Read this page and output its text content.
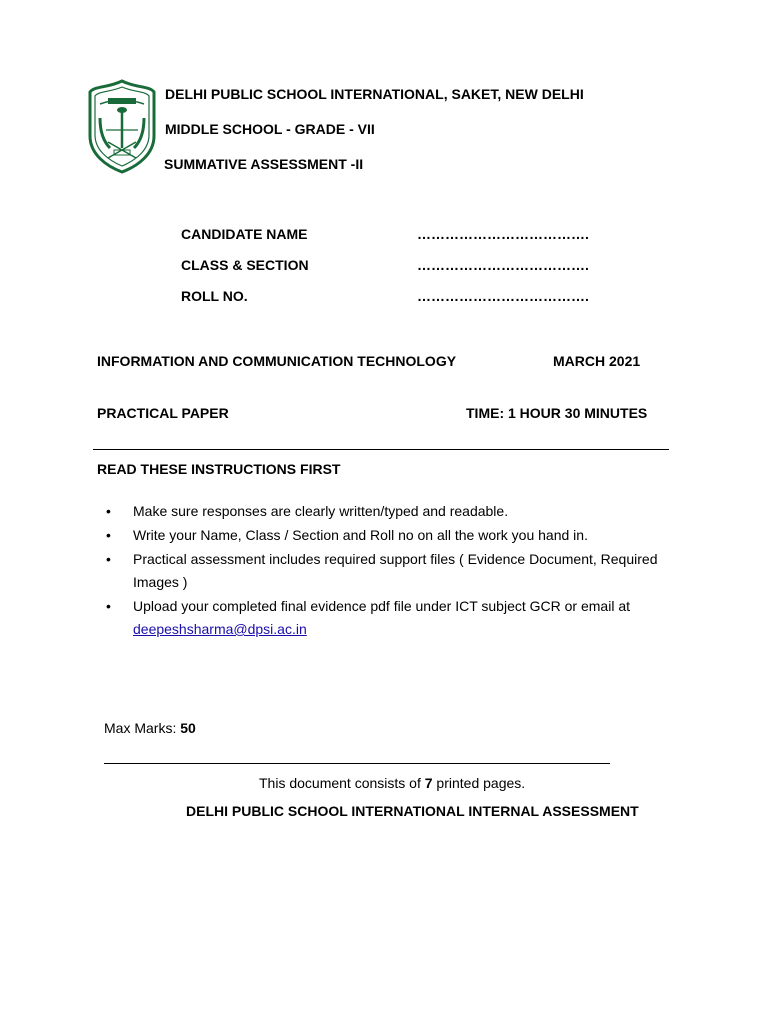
DELHI PUBLIC SCHOOL INTERNATIONAL, SAKET, NEW DELHI
MIDDLE SCHOOL - GRADE - VII
SUMMATIVE ASSESSMENT -II
CANDIDATE NAME	……………………………….
CLASS & SECTION	……………………………….
ROLL NO.	……………………………….
INFORMATION AND COMMUNICATION TECHNOLOGY	MARCH 2021
PRACTICAL PAPER	TIME: 1 HOUR 30 MINUTES
READ THESE INSTRUCTIONS FIRST
• Make sure responses are clearly written/typed and readable.
• Write your Name, Class / Section and Roll no on all the work you hand in.
• Practical assessment includes required support files ( Evidence Document, Required Images )
• Upload your completed final evidence pdf file under ICT subject GCR or email at
deepeshsharma@dpsi.ac.in
Max Marks: 50
This document consists of 7 printed pages.
DELHI PUBLIC SCHOOL INTERNATIONAL INTERNAL ASSESSMENT
